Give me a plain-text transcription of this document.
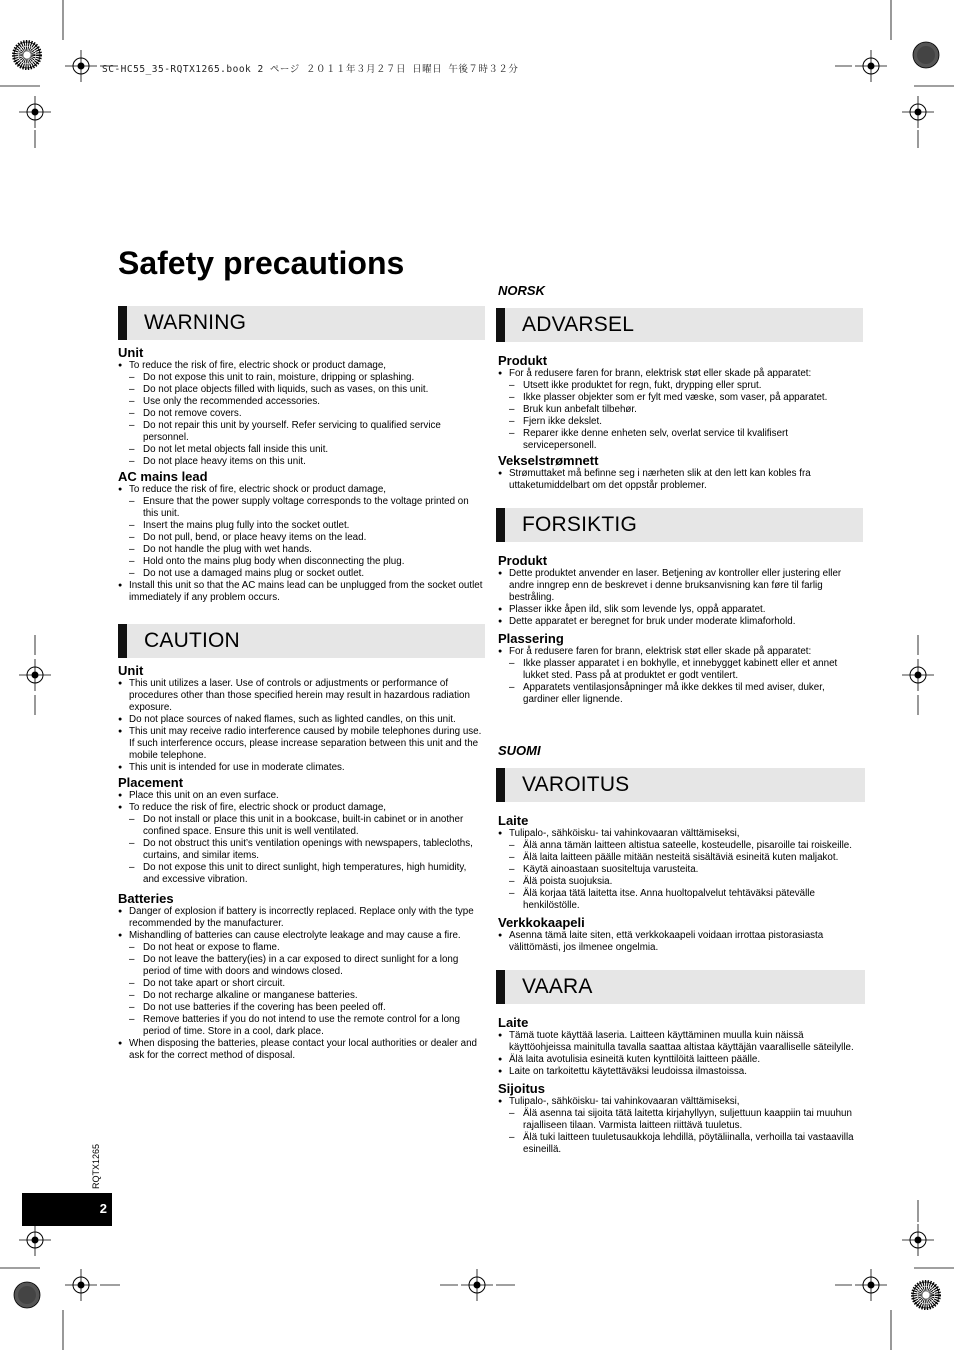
SC-HC55_35-RQTX1265.book 2 ページ ２０１１年３月２７日 日曜日 午後７時３２分
Safety precautions
WARNING
Unit
● To reduce the risk of fire, electric shock or product damage,
– Do not expose this unit to rain, moisture, dripping or splashing.
– Do not place objects filled with liquids, such as vases, on this unit.
– Use only the recommended accessories.
– Do not remove covers.
– Do not repair this unit by yourself. Refer servicing to qualified service personnel.
– Do not let metal objects fall inside this unit.
– Do not place heavy items on this unit.
AC mains lead
● To reduce the risk of fire, electric shock or product damage,
– Ensure that the power supply voltage corresponds to the voltage printed on this unit.
– Insert the mains plug fully into the socket outlet.
– Do not pull, bend, or place heavy items on the lead.
– Do not handle the plug with wet hands.
– Hold onto the mains plug body when disconnecting the plug.
– Do not use a damaged mains plug or socket outlet.
● Install this unit so that the AC mains lead can be unplugged from the socket outlet immediately if any problem occurs.
CAUTION
Unit
● This unit utilizes a laser. Use of controls or adjustments or performance of procedures other than those specified herein may result in hazardous radiation exposure.
● Do not place sources of naked flames, such as lighted candles, on this unit.
● This unit may receive radio interference caused by mobile telephones during use. If such interference occurs, please increase separation between this unit and the mobile telephone.
● This unit is intended for use in moderate climates.
Placement
● Place this unit on an even surface.
● To reduce the risk of fire, electric shock or product damage,
– Do not install or place this unit in a bookcase, built-in cabinet or in another confined space. Ensure this unit is well ventilated.
– Do not obstruct this unit’s ventilation openings with newspapers, tablecloths, curtains, and similar items.
– Do not expose this unit to direct sunlight, high temperatures, high humidity, and excessive vibration.
Batteries
● Danger of explosion if battery is incorrectly replaced. Replace only with the type recommended by the manufacturer.
● Mishandling of batteries can cause electrolyte leakage and may cause a fire.
– Do not heat or expose to flame.
– Do not leave the battery(ies) in a car exposed to direct sunlight for a long period of time with doors and windows closed.
– Do not take apart or short circuit.
– Do not recharge alkaline or manganese batteries.
– Do not use batteries if the covering has been peeled off.
– Remove batteries if you do not intend to use the remote control for a long period of time. Store in a cool, dark place.
● When disposing the batteries, please contact your local authorities or dealer and ask for the correct method of disposal.
NORSK
ADVARSEL
Produkt
● For å redusere faren for brann, elektrisk støt eller skade på apparatet:
– Utsett ikke produktet for regn, fukt, drypping eller sprut.
– Ikke plasser objekter som er fylt med væske, som vaser, på apparatet.
– Bruk kun anbefalt tilbehør.
– Fjern ikke dekslet.
– Reparer ikke denne enheten selv, overlat service til kvalifisert servicepersonell.
Vekselstrømnett
● Strømuttaket må befinne seg i nærheten slik at den lett kan kobles fra uttaketumiddelbart om det oppstår problemer.
FORSIKTIG
Produkt
● Dette produktet anvender en laser. Betjening av kontroller eller justering eller andre inngrep enn de beskrevet i denne bruksanvisning kan føre til farlig bestråling.
● Plasser ikke åpen ild, slik som levende lys, oppå apparatet.
● Dette apparatet er beregnet for bruk under moderate klimaforhold.
Plassering
● For å redusere faren for brann, elektrisk støt eller skade på apparatet:
– Ikke plasser apparatet i en bokhylle, et innebygget kabinett eller et annet lukket sted. Pass på at produktet er godt ventilert.
– Apparatets ventilasjonsåpninger må ikke dekkes til med aviser, duker, gardiner eller lignende.
SUOMI
VAROITUS
Laite
● Tulipalo-, sähköisku- tai vahinkovaaran välttämiseksi,
– Älä anna tämän laitteen altistua sateelle, kosteudelle, pisaroille tai roiskeille.
– Älä laita laitteen päälle mitään nesteitä sisältäviä esineitä kuten maljakot.
– Käytä ainoastaan suositeltuja varusteita.
– Älä poista suojuksia.
– Älä korjaa tätä laitetta itse. Anna huoltopalvelut tehtäväksi pätevälle henkilöstölle.
Verkkokaapeli
● Asenna tämä laite siten, että verkkokaapeli voidaan irrottaa pistorasiasta välittömästi, jos ilmenee ongelmia.
VAARA
Laite
● Tämä tuote käyttää laseria. Laitteen käyttäminen muulla kuin näissä käyttöohjeissa mainitulla tavalla saattaa altistaa käyttäjän vaaralliselle säteilylle.
● Älä laita avotulisia esineitä kuten kynttilöitä laitteen päälle.
● Laite on tarkoitettu käytettäväksi leudoissa ilmastoissa.
Sijoitus
● Tulipalo-, sähköisku- tai vahinkovaaran välttämiseksi,
– Älä asenna tai sijoita tätä laitetta kirjahyllyyn, suljettuun kaappiin tai muuhun rajalliseen tilaan. Varmista laitteen riittävä tuuletus.
– Älä tuki laitteen tuuletusaukkoja lehdillä, pöytäliinalla, verhoilla tai vastaavilla esineillä.
RQTX1265
2
